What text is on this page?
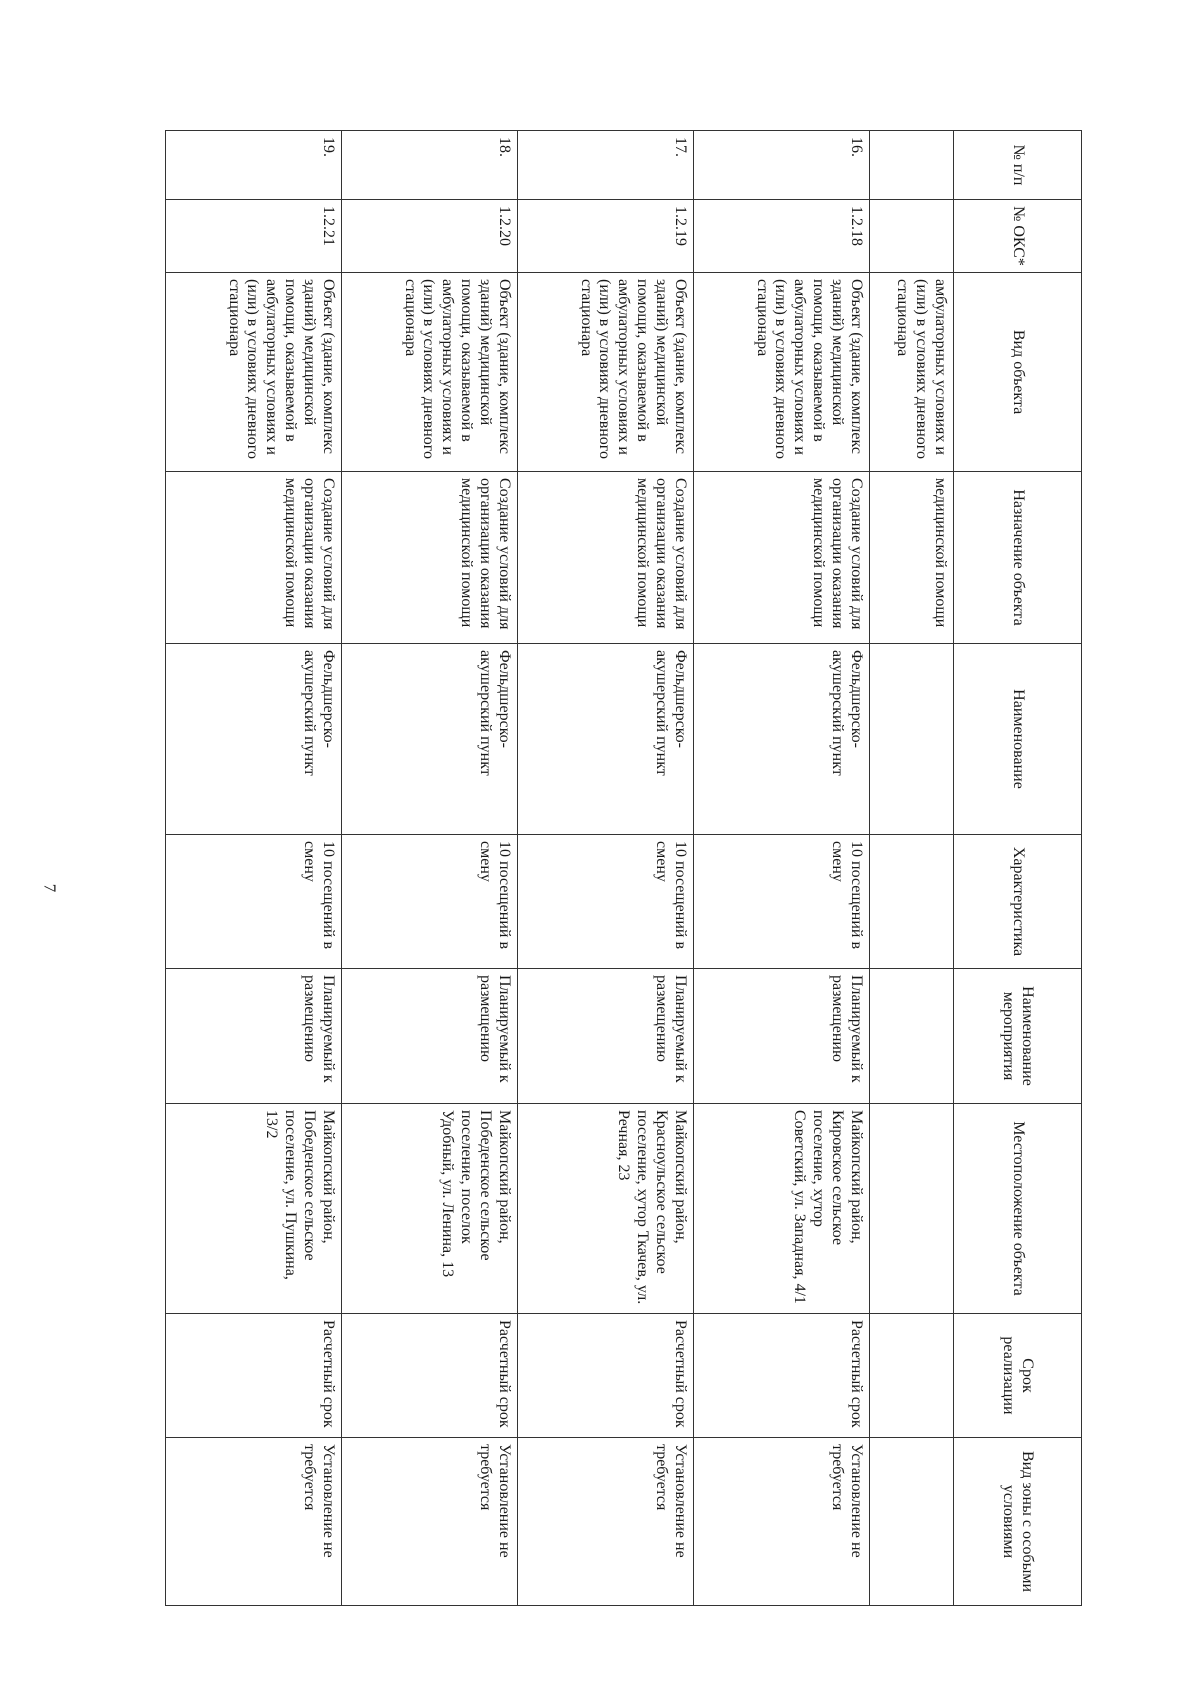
7
№ п/п	№ ОКС*	Вид объекта	Назначение объекта	Наименование	Характеристика	Наименование мероприятия	Местоположение объекта	Срок реализации	Вид зоны с особыми условиями
		амбулаторных условиях и (или) в условиях дневного стационара	медицинской помощи						
16.	1.2.18	Объект (здание, комплекс зданий) медицинской помощи, оказываемой в амбулаторных условиях и (или) в условиях дневного стационара	Создание условий для организации оказания медицинской помощи	Фельдшерско-акушерский пункт	10 посещений в смену	Планируемый к размещению	Майкопский район, Кировское сельское поселение, хутор Советский, ул. Западная, 4/1	Расчетный срок	Установление не требуется
17.	1.2.19	Объект (здание, комплекс зданий) медицинской помощи, оказываемой в амбулаторных условиях и (или) в условиях дневного стационара	Создание условий для организации оказания медицинской помощи	Фельдшерско-акушерский пункт	10 посещений в смену	Планируемый к размещению	Майкопский район, Красноульское сельское поселение, хутор Ткачев, ул. Речная, 23	Расчетный срок	Установление не требуется
18.	1.2.20	Объект (здание, комплекс зданий) медицинской помощи, оказываемой в амбулаторных условиях и (или) в условиях дневного стационара	Создание условий для организации оказания медицинской помощи	Фельдшерско-акушерский пункт	10 посещений в смену	Планируемый к размещению	Майкопский район, Победенское сельское поселение, поселок Удобный, ул. Ленина, 13	Расчетный срок	Установление не требуется
19.	1.2.21	Объект (здание, комплекс зданий) медицинской помощи, оказываемой в амбулаторных условиях и (или) в условиях дневного стационара	Создание условий для организации оказания медицинской помощи	Фельдшерско-акушерский пункт	10 посещений в смену	Планируемый к размещению	Майкопский район, Победенское сельское поселение, ул. Пушкина, 13/2	Расчетный срок	Установление не требуется
